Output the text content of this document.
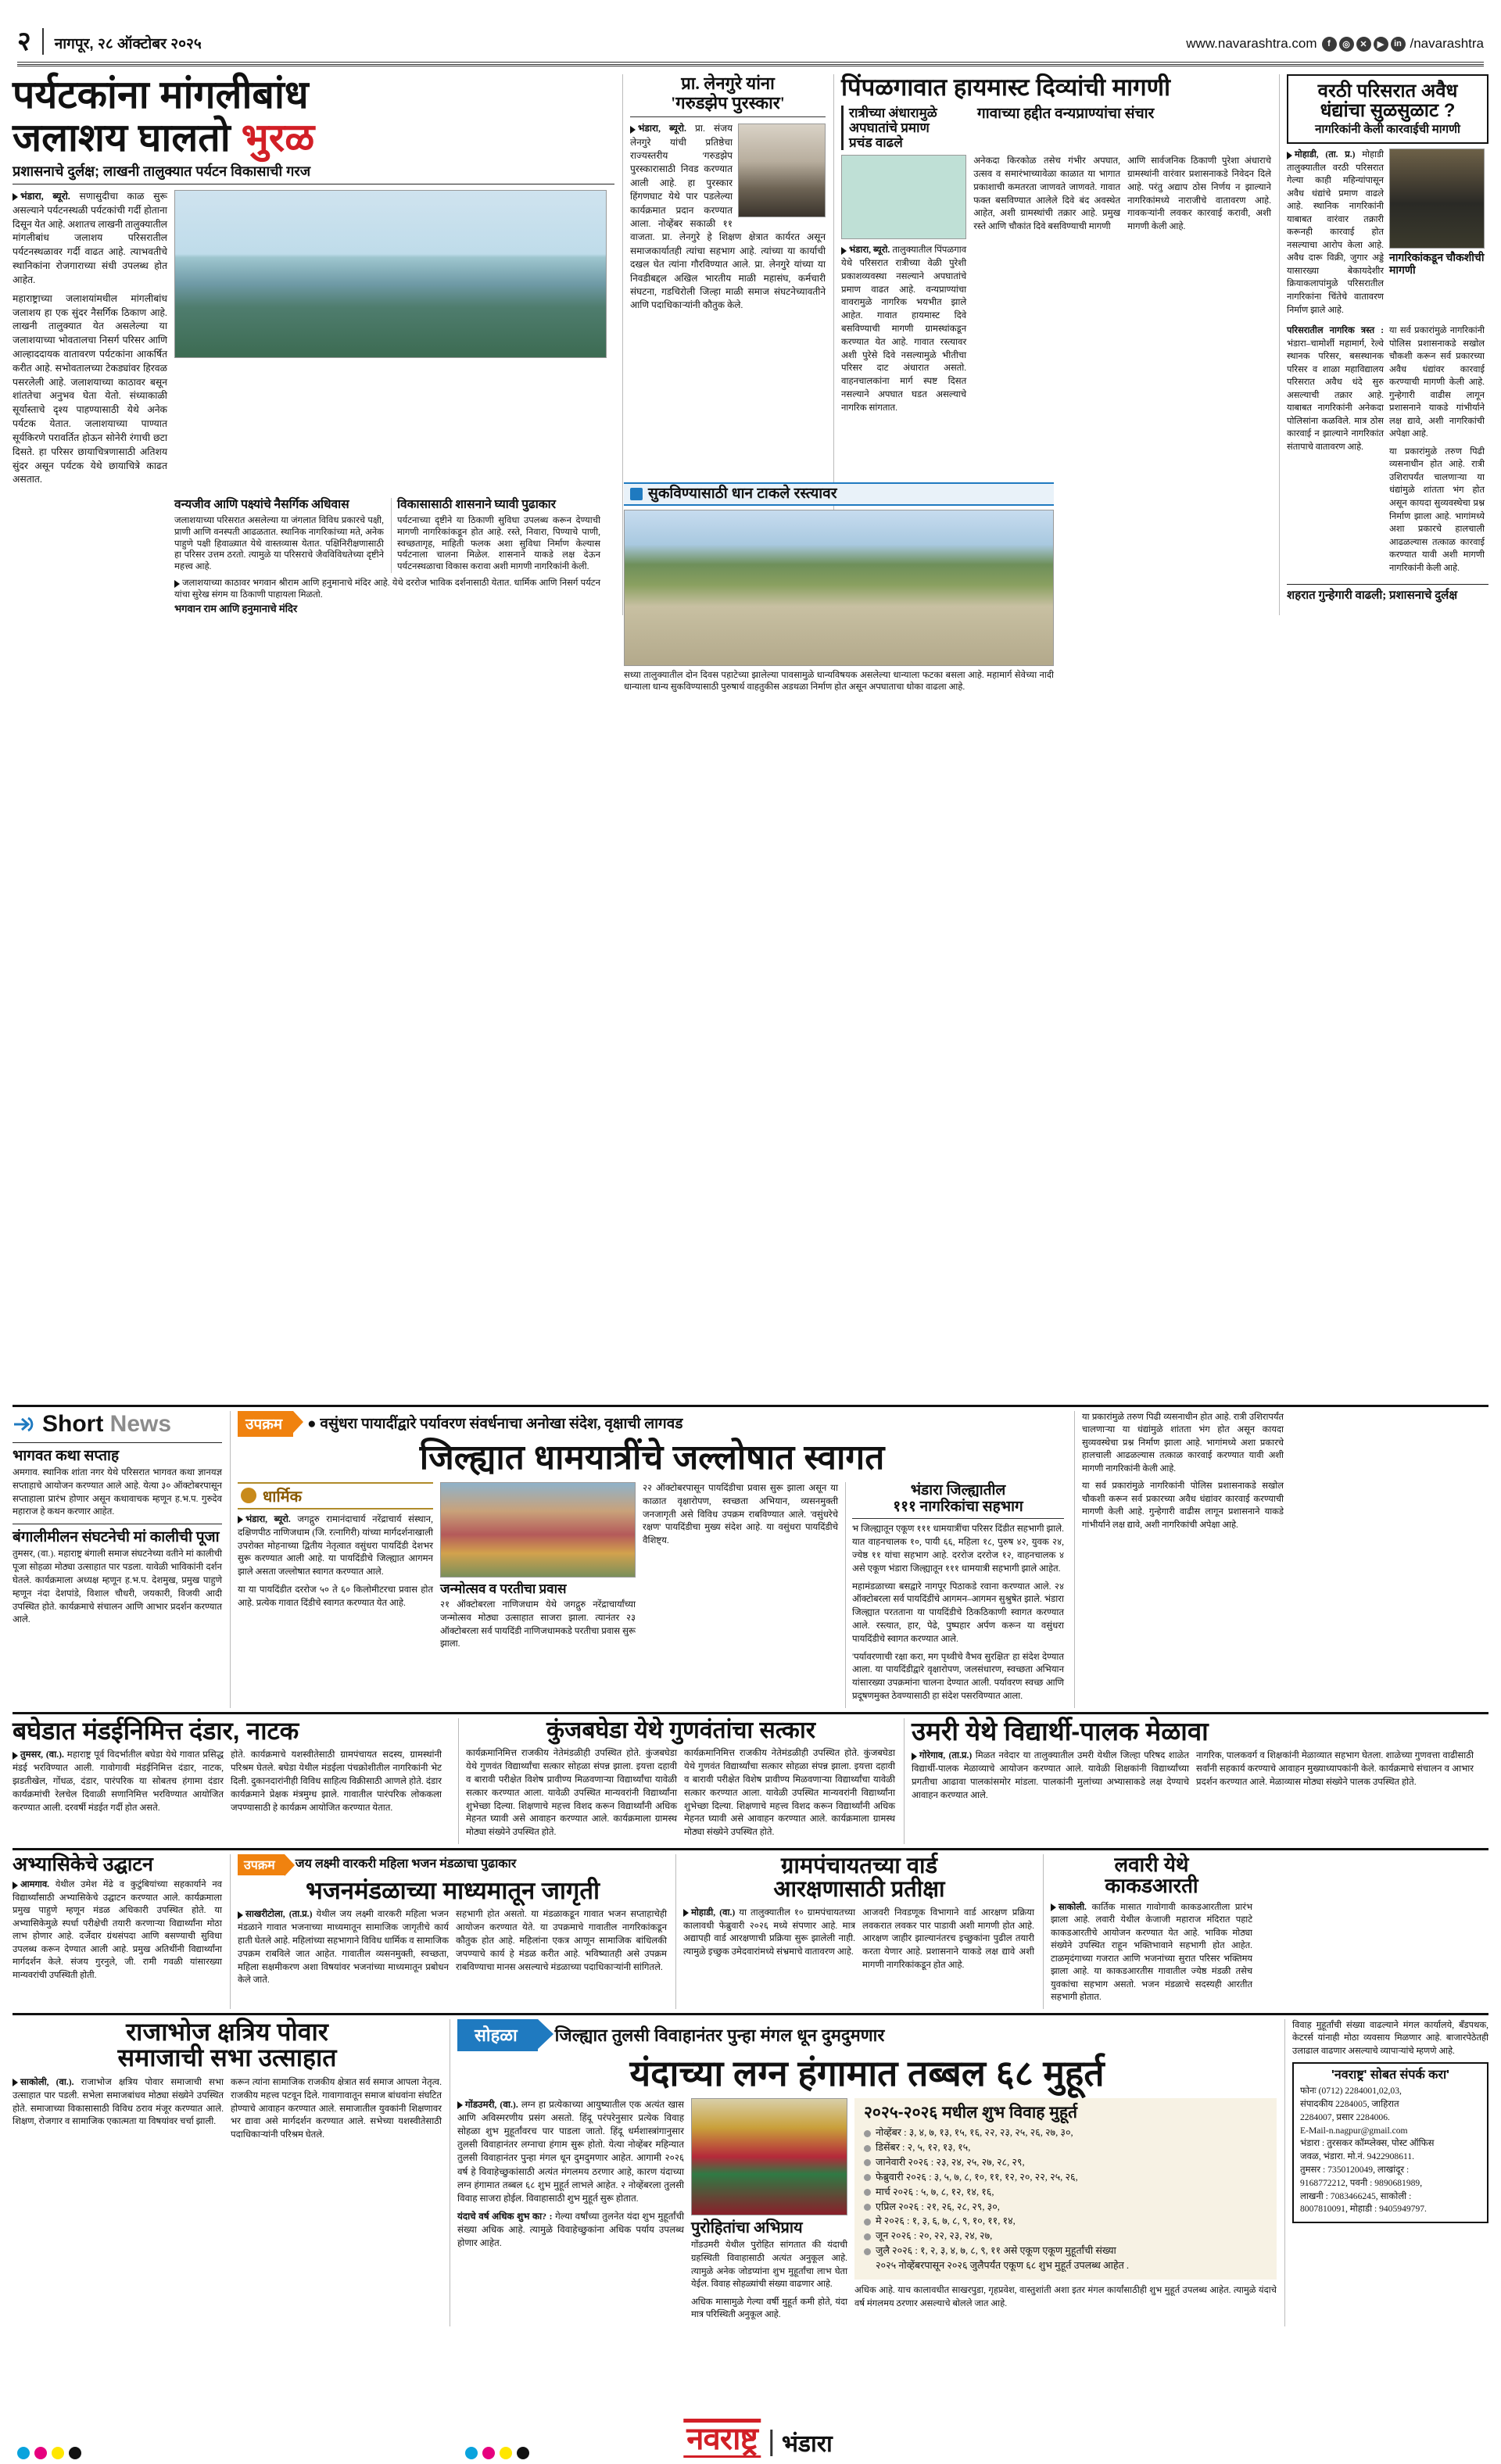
२ नागपूर, २८ ऑक्टोबर २०२५
नवराष्ट्र भंडारा
www.navarashtra.com	f	◎	✕	▶	in /navarashtra
पर्यटकांना मांगलीबांध
जलाशय घालतो भुरळ
प्रशासनाचे दुर्लक्ष; लाखनी तालुक्यात पर्यटन विकासाची गरज

भंडारा, ब्यूरो. सणासुदीचा काळ सुरू असल्याने पर्यटनस्थळी पर्यटकांची गर्दी होताना दिसून येत आहे. अशातच लाखनी तालुक्यातील मांगलीबांध जलाशय परिसरातील पर्यटनस्थळावर गर्दी वाढत आहे. त्याभवतीचे स्थानिकांना रोजगाराच्या संधी उपलब्ध होत आहेत.

महाराष्ट्राच्या जलाशयांमधील मांगलीबांध जलाशय हा एक सुंदर नैसर्गिक ठिकाण आहे. लाखनी तालुक्यात येत असलेल्या या जलाशयाच्या भोवतालचा निसर्ग परिसर आणि आल्हाददायक वातावरण पर्यटकांना आकर्षित करीत आहे. सभोवतालच्या टेकड्यांवर हिरवळ पसरलेली आहे. जलाशयाच्या काठावर बसून शांततेचा अनुभव घेता येतो. संध्याकाळी सूर्यास्ताचे दृश्य पाहण्यासाठी येथे अनेक पर्यटक येतात. जलाशयाच्या पाण्यात सूर्यकिरणे परावर्तित होऊन सोनेरी रंगाची छटा दिसते. हा परिसर छायाचित्रणासाठी अतिशय सुंदर असून पर्यटक येथे छायाचित्रे काढत असतात.

वन्यजीव आणि पक्ष्यांचे नैसर्गिक अधिवास

जलाशयाच्या परिसरात असलेल्या या जंगलात विविध प्रकारचे पक्षी, प्राणी आणि वनस्पती आढळतात. स्थानिक नागरिकांच्या मते, अनेक पाहुणे पक्षी हिवाळ्यात येथे वास्तव्यास येतात. पक्षिनिरीक्षणासाठी हा परिसर उत्तम ठरतो. त्यामुळे या परिसराचे जैवविविधतेच्या दृष्टीने महत्त्व आहे.

विकासासाठी शासनाने घ्यावी पुढाकार

पर्यटनाच्या दृष्टीने या ठिकाणी सुविधा उपलब्ध करून देण्याची मागणी नागरिकांकडून होत आहे. रस्ते, निवारा, पिण्याचे पाणी, स्वच्छतागृह, माहिती फलक अशा सुविधा निर्माण केल्यास पर्यटनाला चालना मिळेल. शासनाने याकडे लक्ष देऊन पर्यटनस्थळाचा विकास करावा अशी मागणी नागरिकांनी केली.

जलाशयाच्या काठावर भगवान श्रीराम आणि हनुमानाचे मंदिर आहे. येथे दररोज भाविक दर्शनासाठी येतात. धार्मिक आणि निसर्ग पर्यटन यांचा सुरेख संगम या ठिकाणी पाहायला मिळतो.

भगवान राम आणि हनुमानाचे मंदिर
प्रा. लेनगुरे यांना
'गरुडझेप पुरस्कार'

भंडारा, ब्यूरो. प्रा. संजय लेनगुरे यांची प्रतिष्ठेचा राज्यस्तरीय 'गरुडझेप पुरस्कारासाठी निवड करण्यात आली आहे. हा पुरस्कार हिंगणघाट येथे पार पडलेल्या कार्यक्रमात प्रदान करण्यात आला. नोव्हेंबर सकाळी ११ वाजता. प्रा. लेनगुरे हे शिक्षण क्षेत्रात कार्यरत असून समाजकार्यातही त्यांचा सहभाग आहे. त्यांच्या या कार्याची दखल घेत त्यांना गौरविण्यात आले. प्रा. लेनगुरे यांच्या या निवडीबद्दल अखिल भारतीय माळी महासंघ, कर्मचारी संघटना, गडचिरोली जिल्हा माळी समाज संघटनेच्यावतीने आणि पदाधिकाऱ्यांनी कौतुक केले.

पिंपळगावात हायमास्ट दिव्यांची मागणी
रात्रीच्या अंधारामुळे
अपघातांचे प्रमाण
प्रचंड वाढले
गावाच्या हद्दीत वन्यप्राण्यांचा संचार

भंडारा, ब्यूरो. तालुक्यातील पिंपळगाव येथे परिसरात रात्रीच्या वेळी पुरेशी प्रकाशव्यवस्था नसल्याने अपघातांचे प्रमाण वाढत आहे. वन्यप्राण्यांचा वावरामुळे नागरिक भयभीत झाले आहेत. गावात हायमास्ट दिवे बसविण्याची मागणी ग्रामस्थांकडून करण्यात येत आहे. गावात रस्त्यावर अशी पुरेसे दिवे नसल्यामुळे भीतीचा परिसर दाट अंधारात असतो. वाहनचालकांना मार्ग स्पष्ट दिसत नसल्याने अपघात घडत असल्याचे नागरिक सांगतात.

अनेकदा किरकोळ तसेच गंभीर अपघात, उत्सव व समारंभाच्यावेळा काळात या भागात प्रकाशाची कमतरता जाणवते जाणवते. गावात फक्त बसविण्यात आलेले दिवे बंद अवस्थेत आहेत, अशी ग्रामस्थांची तक्रार आहे. प्रमुख रस्ते आणि चौकांत दिवे बसविण्याची मागणी

आणि सार्वजनिक ठिकाणी पुरेशा अंधाराचे ग्रामस्थांनी वारंवार प्रशासनाकडे निवेदन दिले आहे. परंतु अद्याप ठोस निर्णय न झाल्याने नागरिकांमध्ये नाराजीचे वातावरण आहे. गावकऱ्यांनी लवकर कारवाई करावी, अशी मागणी केली आहे.

वरठी परिसरात अवैध
धंद्यांचा सुळसुळाट ?
नागरिकांनी केली कारवाईची मागणी

मोहाडी, (ता. प्र.) मोहाडी तालुक्यातील वरठी परिसरात गेल्या काही महिन्यांपासून अवैध धंद्यांचे प्रमाण वाढले आहे. स्थानिक नागरिकांनी याबाबत वारंवार तक्रारी करूनही कारवाई होत नसल्याचा आरोप केला आहे. अवैध दारू विक्री, जुगार अड्डे यासारख्या बेकायदेशीर क्रियाकलापांमुळे परिसरातील नागरिकांना चिंतेचे वातावरण निर्माण झाले आहे.

नागरिकांकडून चौकशीची मागणी

परिसरातील नागरिक त्रस्त : भंडारा–चामोर्शी महामार्ग, रेल्वे स्थानक परिसर, बसस्थानक परिसर व शाळा महाविद्यालय परिसरात अवैध धंदे सुरु असल्याची तक्रार आहे. याबाबत नागरिकांनी अनेकदा पोलिसांना कळविले. मात्र ठोस कारवाई न झाल्याने नागरिकांत संतापाचे वातावरण आहे.

या सर्व प्रकारांमुळे नागरिकांनी पोलिस प्रशासनाकडे सखोल चौकशी करून सर्व प्रकारच्या अवैध धंद्यांवर कारवाई करण्याची मागणी केली आहे. गुन्हेगारी वाढीस लागून प्रशासनाने याकडे गांभीर्याने लक्ष द्यावे, अशी नागरिकांची अपेक्षा आहे.

या प्रकारांमुळे तरुण पिढी व्यसनाधीन होत आहे. रात्री उशिरापर्यंत चालणाऱ्या या धंद्यांमुळे शांतता भंग होत असून कायदा सुव्यवस्थेचा प्रश्न निर्माण झाला आहे. भागांमध्ये अशा प्रकारचे हालचाली आढळल्यास तत्काळ कारवाई करण्यात यावी अशी मागणी नागरिकांनी केली आहे.

शहरात गुन्हेगारी वाढली; प्रशासनाचे दुर्लक्ष
सुकविण्यासाठी धान टाकले रस्त्यावर

सध्या तालुक्यातील दोन दिवस पहाटेच्या झालेल्या पावसामुळे धान्यविषयक असलेल्या धान्याला फटका बसला आहे. महामार्ग सेवेच्या नादी धान्याला धान्य सुकविण्यासाठी पुरुषार्थ वाहतुकीस अडथळा निर्माण होत असून अपघाताचा धोका वाढला आहे.

Short News
भागवत कथा सप्ताह

अमगाव. स्थानिक शांता नगर येथे परिसरात भागवत कथा ज्ञानयज्ञ सप्ताहाचे आयोजन करण्यात आले आहे. येत्या ३० ऑक्टोबरपासून सप्ताहाला प्रारंभ होणार असून कथावाचक म्हणून ह.भ.प. गुरुदेव महाराज हे कथन करणार आहेत.

बंगालीमीलन संघटनेची मां कालीची पूजा

तुमसर, (वा.). महाराष्ट्र बंगाली समाज संघटनेच्या वतीने मां कालीची पूजा सोहळा मोठ्या उत्साहात पार पडला. यावेळी भाविकांनी दर्शन घेतले. कार्यक्रमाला अध्यक्ष म्हणून ह.भ.प. देशमुख, प्रमुख पाहुणे म्हणून नंदा देशपांडे, विशाल चौधरी, जयकारी, विजयी आदी उपस्थित होते. कार्यक्रमाचे संचालन आणि आभार प्रदर्शन करण्यात आले.

उपक्रम	● वसुंधरा पायादींद्वारे पर्यावरण संवर्धनाचा अनोखा संदेश, वृक्षाची लागवड
जिल्ह्यात धामयात्रींचे जल्लोषात स्वागत
धार्मिक

भंडारा, ब्यूरो. जगद्गुरु रामानंदाचार्य नरेंद्राचार्य संस्थान, दक्षिणपीठ नाणिजधाम (जि. रत्नागिरी) यांच्या मार्गदर्शनाखाली उपरोक्त मोहनाच्या द्वितीय नेतृत्वात वसुंधरा पायदिंडी देशभर सुरू करण्यात आली आहे. या पायदिंडीचे जिल्ह्यात आगमन झाले असता जल्लोषात स्वागत करण्यात आले.

या या पायदिंडीत दररोज ५० ते ६० किलोमीटरचा प्रवास होत आहे. प्रत्येक गावात दिंडीचे स्वागत करण्यात येत आहे.

जन्मोत्सव व परतीचा प्रवास

२१ ऑक्टोबरला नाणिजधाम येथे जगद्गुरु नरेंद्राचार्यांच्या जन्मोत्सव मोठ्या उत्साहात साजरा झाला. त्यानंतर २३ ऑक्टोबरला सर्व पायदिंडी नाणिजधामकडे परतीचा प्रवास सुरू झाला.

२२ ऑक्टोबरपासून पायदिंडीचा प्रवास सुरू झाला असून या काळात वृक्षारोपण, स्वच्छता अभियान, व्यसनमुक्ती जनजागृती असे विविध उपक्रम राबविण्यात आले. 'वसुंधरेचे रक्षण' पायदिंडीचा मुख्य संदेश आहे. या वसुंधरा पायदिंडीचे वैशिष्ट्य.

भंडारा जिल्ह्यातील
१११ नागरिकांचा सहभाग

भ जिल्ह्यातून एकूण १११ धामयात्रींचा परिसर दिंडीत सहभागी झाले. यात वाहनचालक १०, पायी ६६, महिला १८, पुरुष ४२, युवक २४, ज्येष्ठ ११ यांचा सहभाग आहे. दररोज दररोज १२, वाहनचालक ४ असे एकूण भंडारा जिल्ह्यातून १११ धामयात्री सहभागी झाले आहेत.

महामंडळाच्या बसद्वारे नागपूर पिठाकडे रवाना करण्यात आले. २४ ऑक्टोबरला सर्व पायदिंडींचे आगमन–आगमन सुश्रुषेत झाले. भंडारा जिल्ह्यात परतताना या पायदिंडीचे ठिकठिकाणी स्वागत करण्यात आले. रस्त्यात, हार, पेढे, पुष्पहार अर्पण करून या वसुंधरा पायदिंडीचे स्वागत करण्यात आले.

'पर्यावरणाची रक्षा करा, मग पृथ्वीचे वैभव सुरक्षित' हा संदेश देण्यात आला. या पायदिंडीद्वारे वृक्षारोपण, जलसंधारण, स्वच्छता अभियान यांसारख्या उपक्रमांना चालना देण्यात आली. पर्यावरण स्वच्छ आणि प्रदूषणमुक्त ठेवण्यासाठी हा संदेश पसरविण्यात आला.

या प्रकारांमुळे तरुण पिढी व्यसनाधीन होत आहे. रात्री उशिरापर्यंत चालणाऱ्या या धंद्यांमुळे शांतता भंग होत असून कायदा सुव्यवस्थेचा प्रश्न निर्माण झाला आहे. भागांमध्ये अशा प्रकारचे हालचाली आढळल्यास तत्काळ कारवाई करण्यात यावी अशी मागणी नागरिकांनी केली आहे.

या सर्व प्रकारांमुळे नागरिकांनी पोलिस प्रशासनाकडे सखोल चौकशी करून सर्व प्रकारच्या अवैध धंद्यांवर कारवाई करण्याची मागणी केली आहे. गुन्हेगारी वाढीस लागून प्रशासनाने याकडे गांभीर्याने लक्ष द्यावे, अशी नागरिकांची अपेक्षा आहे.

बघेडात मंडईनिमित्त दंडार, नाटक

तुमसर, (वा.). महाराष्ट्र पूर्व विदर्भातील बघेडा येथे गावात प्रसिद्ध मंडई भरविण्यात आली. गावोगावी मंडईनिमित्त दंडार, नाटक, झडतीखेल, गोंधळ, दंडार, पारंपरिक या सोबतच हंगामा दंडार कार्यक्रमांची रेलचेल दिवाळी सणानिमित्त भरविण्यात आयोजित करण्यात आली. दरवर्षी मंडईत गर्दी होत असते.

होते. कार्यक्रमाचे यशस्वीतेसाठी ग्रामपंचायत सदस्य, ग्रामस्थांनी परिश्रम घेतले. बघेडा येथील मंडईला पंचक्रोशीतील नागरिकांनी भेट दिली. दुकानदारांनीही विविध साहित्य विक्रीसाठी आणले होते. दंडार कार्यक्रमाने प्रेक्षक मंत्रमुग्ध झाले. गावातील पारंपरिक लोककला जपण्यासाठी हे कार्यक्रम आयोजित करण्यात येतात.

कुंजबघेडा येथे गुणवंतांचा सत्कार

कार्यक्रमानिमित्त राजकीय नेतेमंडळीही उपस्थित होते. कुंजबघेडा येथे गुणवंत विद्यार्थ्यांचा सत्कार सोहळा संपन्न झाला. इयत्ता दहावी व बारावी परीक्षेत विशेष प्रावीण्य मिळवणाऱ्या विद्यार्थ्यांचा यावेळी सत्कार करण्यात आला. यावेळी उपस्थित मान्यवरांनी विद्यार्थ्यांना शुभेच्छा दिल्या. शिक्षणाचे महत्त्व विशद करून विद्यार्थ्यांनी अधिक मेहनत घ्यावी असे आवाहन करण्यात आले. कार्यक्रमाला ग्रामस्थ मोठ्या संख्येने उपस्थित होते.

कार्यक्रमानिमित्त राजकीय नेतेमंडळीही उपस्थित होते. कुंजबघेडा येथे गुणवंत विद्यार्थ्यांचा सत्कार सोहळा संपन्न झाला. इयत्ता दहावी व बारावी परीक्षेत विशेष प्रावीण्य मिळवणाऱ्या विद्यार्थ्यांचा यावेळी सत्कार करण्यात आला. यावेळी उपस्थित मान्यवरांनी विद्यार्थ्यांना शुभेच्छा दिल्या. शिक्षणाचे महत्त्व विशद करून विद्यार्थ्यांनी अधिक मेहनत घ्यावी असे आवाहन करण्यात आले. कार्यक्रमाला ग्रामस्थ मोठ्या संख्येने उपस्थित होते.

उमरी येथे विद्यार्थी-पालक मेळावा

गोरेगाव, (ता.प्र.) मिळत नवेदार या तालुक्यातील उमरी येथील जिल्हा परिषद शाळेत विद्यार्थी-पालक मेळाव्याचे आयोजन करण्यात आले. यावेळी शिक्षकांनी विद्यार्थ्यांच्या प्रगतीचा आढावा पालकांसमोर मांडला. पालकांनी मुलांच्या अभ्यासाकडे लक्ष देण्याचे आवाहन करण्यात आले.

नागरिक, पालकवर्ग व शिक्षकांनी मेळाव्यात सहभाग घेतला. शाळेच्या गुणवत्ता वाढीसाठी सर्वांनी सहकार्य करण्याचे आवाहन मुख्याध्यापकांनी केले. कार्यक्रमाचे संचालन व आभार प्रदर्शन करण्यात आले. मेळाव्यास मोठ्या संख्येने पालक उपस्थित होते.

अभ्यासिकेचे उद्घाटन

आमगाव. येथील उमेश मेंढे व कुटुंबियांच्या सहकार्याने नव विद्यार्थ्यांसाठी अभ्यासिकेचे उद्घाटन करण्यात आले. कार्यक्रमाला प्रमुख पाहुणे म्हणून मंडळ अधिकारी उपस्थित होते. या अभ्यासिकेमुळे स्पर्धा परीक्षेची तयारी करणाऱ्या विद्यार्थ्यांना मोठा लाभ होणार आहे. दर्जेदार ग्रंथसंपदा आणि बसण्याची सुविधा उपलब्ध करून देण्यात आली आहे. प्रमुख अतिथींनी विद्यार्थ्यांना मार्गदर्शन केले. संजय गुरनुले, जी. रामी गवळी यांसारख्या मान्यवरांची उपस्थिती होती.

उपक्रम	जय लक्ष्मी वारकरी महिला भजन मंडळाचा पुढाकार
भजनमंडळाच्या माध्यमातून जागृती

साखरीटोला, (ता.प्र.) येथील जय लक्ष्मी वारकरी महिला भजन मंडळाने गावात भजनाच्या माध्यमातून सामाजिक जागृतीचे कार्य हाती घेतले आहे. महिलांच्या सहभागाने विविध धार्मिक व सामाजिक उपक्रम राबविले जात आहेत. गावातील व्यसनमुक्ती, स्वच्छता, महिला सक्षमीकरण अशा विषयांवर भजनांच्या माध्यमातून प्रबोधन केले जाते.

सहभागी होत असतो. या मंडळाकडून गावात भजन सप्ताहाचेही आयोजन करण्यात येते. या उपक्रमाचे गावातील नागरिकांकडून कौतुक होत आहे. महिलांना एकत्र आणून सामाजिक बांधिलकी जपण्याचे कार्य हे मंडळ करीत आहे. भविष्यातही असे उपक्रम राबविण्याचा मानस असल्याचे मंडळाच्या पदाधिकाऱ्यांनी सांगितले.

ग्रामपंचायतच्या वार्ड
आरक्षणासाठी प्रतीक्षा

मोहाडी, (वा.) या तालुक्यातील १० ग्रामपंचायतच्या कालावधी फेब्रुवारी २०२६ मध्ये संपणार आहे. मात्र अद्यापही वार्ड आरक्षणाची प्रक्रिया सुरू झालेली नाही. त्यामुळे इच्छुक उमेदवारांमध्ये संभ्रमाचे वातावरण आहे.

आजवरी निवडणूक विभागाने वार्ड आरक्षण प्रक्रिया लवकरात लवकर पार पाडावी अशी मागणी होत आहे. आरक्षण जाहीर झाल्यानंतरच इच्छुकांना पुढील तयारी करता येणार आहे. प्रशासनाने याकडे लक्ष द्यावे अशी मागणी नागरिकांकडून होत आहे.

लवारी येथे
काकडआरती

साकोली. कार्तिक मासात गावोगावी काकडआरतीला प्रारंभ झाला आहे. लवारी येथील केजाजी महाराज मंदिरात पहाटे काकडआरतीचे आयोजन करण्यात येत आहे. भाविक मोठ्या संख्येने उपस्थित राहून भक्तिभावाने सहभागी होत आहेत. टाळमृदंगाच्या गजरात आणि भजनांच्या सुरात परिसर भक्तिमय झाला आहे. या काकडआरतीस गावातील ज्येष्ठ मंडळी तसेच युवकांचा सहभाग असतो. भजन मंडळाचे सदस्यही आरतीत सहभागी होतात.

राजाभोज क्षत्रिय पोवार
समाजाची सभा उत्साहात

साकोली, (वा.). राजाभोज क्षत्रिय पोवार समाजाची सभा उत्साहात पार पडली. सभेला समाजबांधव मोठ्या संख्येने उपस्थित होते. समाजाच्या विकासासाठी विविध ठराव मंजूर करण्यात आले. शिक्षण, रोजगार व सामाजिक एकात्मता या विषयांवर चर्चा झाली.

करून त्यांना सामाजिक राजकीय क्षेत्रात सर्व समाज आपला नेतृत्व. राजकीय महत्त्व पटवून दिले. गावागावातून समाज बांधवांना संघटित होण्याचे आवाहन करण्यात आले. समाजातील युवकांनी शिक्षणावर भर द्यावा असे मार्गदर्शन करण्यात आले. सभेच्या यशस्वीतेसाठी पदाधिकाऱ्यांनी परिश्रम घेतले.

सोहळा	जिल्ह्यात तुलसी विवाहानंतर पुन्हा मंगल धून दुमदुमणार
यंदाच्या लग्न हंगामात तब्बल ६८ मुहूर्त

गोंडउमरी, (वा.). लग्न हा प्रत्येकाच्या आयुष्यातील एक अत्यंत खास आणि अविस्मरणीय प्रसंग असतो. हिंदू परंपरेनुसार प्रत्येक विवाह सोहळा शुभ मुहूर्तांवरच पार पाडला जातो. हिंदू धर्मशास्त्रांगानुसार तुलसी विवाहानंतर लग्नाचा हंगाम सुरू होतो. येत्या नोव्हेंबर महिन्यात तुलसी विवाहानंतर पुन्हा मंगल धून दुमदुमणार आहेत. आगामी २०२६ वर्ष हे विवाहेच्छुकांसाठी अत्यंत मंगलमय ठरणार आहे, कारण यंदाच्या लग्न हंगामात तब्बल ६८ शुभ मुहूर्त लाभले आहेत. २ नोव्हेंबरला तुलसी विवाह साजरा होईल. विवाहासाठी शुभ मुहूर्त सुरू होतात.

यंदाचे वर्ष अधिक शुभ का? : गेल्या वर्षांच्या तुलनेत यंदा शुभ मुहूर्तांची संख्या अधिक आहे. त्यामुळे विवाहेच्छुकांना अधिक पर्याय उपलब्ध होणार आहेत.

पुरोहितांचा अभिप्राय

गोंडउमरी येथील पुरोहित सांगतात की यंदाची ग्रहस्थिती विवाहासाठी अत्यंत अनुकूल आहे. त्यामुळे अनेक जोडप्यांना शुभ मुहूर्तांचा लाभ घेता येईल. विवाह सोहळ्यांची संख्या वाढणार आहे.

अधिक मासामुळे गेल्या वर्षी मुहूर्त कमी होते, यंदा मात्र परिस्थिती अनुकूल आहे.

२०२५-२०२६ मधील शुभ विवाह मुहूर्त
नोव्हेंबर : ३, ४, ७, १३, १५, १६, २२, २३, २५, २६, २७, ३०,
डिसेंबर : २, ५, १२, १३, १५,
जानेवारी २०२६ : २३, २४, २५, २७, २८, २९,
फेब्रुवारी २०२६ : ३, ५, ७, ८, १०, ११, १२, २०, २२, २५, २६,
मार्च २०२६ : ५, ७, ८, १२, १४, १६,
एप्रिल २०२६ : २१, २६, २८, २९, ३०,
मे २०२६ : १, ३, ६, ७, ८, ९, १०, ११, १४,
जून २०२६ : २०, २२, २३, २४, २७,
जुलै २०२६ : १, २, ३, ४, ७, ८, ९, ११ असे एकूण एकूण मुहूर्तांची संख्या
२०२५ नोव्हेंबरपासून २०२६ जुलैपर्यंत एकूण ६८ शुभ मुहूर्त उपलब्ध आहेत .

अधिक आहे. याच कालावधीत साखरपुडा, गृहप्रवेश, वास्तुशांती अशा इतर मंगल कार्यांसाठीही शुभ मुहूर्त उपलब्ध आहेत. त्यामुळे यंदाचे वर्ष मंगलमय ठरणार असल्याचे बोलले जात आहे.

विवाह मुहूर्तांची संख्या वाढल्याने मंगल कार्यालये, बँडपथक, केटरर्स यांनाही मोठा व्यवसाय मिळणार आहे. बाजारपेठेतही उलाढाल वाढणार असल्याचे व्यापाऱ्यांचे म्हणणे आहे.

'नवराष्ट्र' सोबत संपर्क करा'
फोनः (0712) 2284001,02,03,
संपादकीय 2284005, जाहिरात
2284007, प्रसार 2284006.
E-Mail-n.nagpur@gmail.com
भंडारा : तुरसकर कॉम्प्लेक्स, पोस्ट ऑफिस
जवळ, भंडारा. मो.नं. 9422908611.
तुमसर : 7350120049, लाखांदूर :
9168772212, पवनी : 9890681989,
लाखनी : 7083466245, साकोली :
8007810091, मोहाडी : 9405949797.
